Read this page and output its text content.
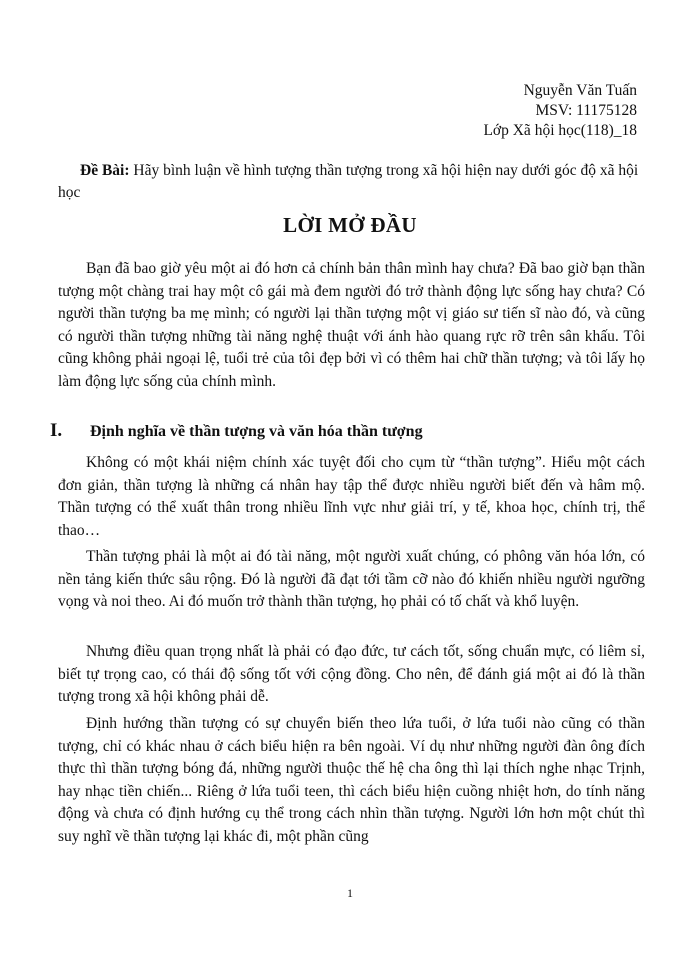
Nguyễn Văn Tuấn
MSV: 11175128
Lớp Xã hội học(118)_18
Đề Bài: Hãy bình luận về hình tượng thần tượng trong xã hội hiện nay dưới góc độ xã hội học
LỜI MỞ ĐẦU
Bạn đã bao giờ yêu một ai đó hơn cả chính bản thân mình hay chưa? Đã bao giờ bạn thần tượng một chàng trai hay một cô gái mà đem người đó trở thành động lực sống hay chưa? Có người thần tượng ba mẹ mình; có người lại thần tượng một vị giáo sư tiến sĩ nào đó, và cũng có người thần tượng những tài năng nghệ thuật với ánh hào quang rực rỡ trên sân khấu. Tôi cũng không phải ngoại lệ, tuổi trẻ của tôi đẹp bởi vì có thêm hai chữ thần tượng; và tôi lấy họ làm động lực sống của chính mình.
I. Định nghĩa về thần tượng và văn hóa thần tượng
Không có một khái niệm chính xác tuyệt đối cho cụm từ “thần tượng”. Hiểu một cách đơn giản, thần tượng là những cá nhân hay tập thể được nhiều người biết đến và hâm mộ. Thần tượng có thể xuất thân trong nhiều lĩnh vực như giải trí, y tế, khoa học, chính trị, thể thao…
Thần tượng phải là một ai đó tài năng, một người xuất chúng, có phông văn hóa lớn, có nền tảng kiến thức sâu rộng. Đó là người đã đạt tới tầm cỡ nào đó khiến nhiều người ngưỡng vọng và noi theo. Ai đó muốn trở thành thần tượng, họ phải có tố chất và khổ luyện.
Nhưng điều quan trọng nhất là phải có đạo đức, tư cách tốt, sống chuẩn mực, có liêm sỉ, biết tự trọng cao, có thái độ sống tốt với cộng đồng. Cho nên, để đánh giá một ai đó là thần tượng trong xã hội không phải dễ.
Định hướng thần tượng có sự chuyển biến theo lứa tuổi, ở lứa tuổi nào cũng có thần tượng, chỉ có khác nhau ở cách biểu hiện ra bên ngoài. Ví dụ như những người đàn ông đích thực thì thần tượng bóng đá, những người thuộc thế hệ cha ông thì lại thích nghe nhạc Trịnh, hay nhạc tiền chiến... Riêng ở lứa tuổi teen, thì cách biểu hiện cuồng nhiệt hơn, do tính năng động và chưa có định hướng cụ thể trong cách nhìn thần tượng. Người lớn hơn một chút thì suy nghĩ về thần tượng lại khác đi, một phần cũng
1
